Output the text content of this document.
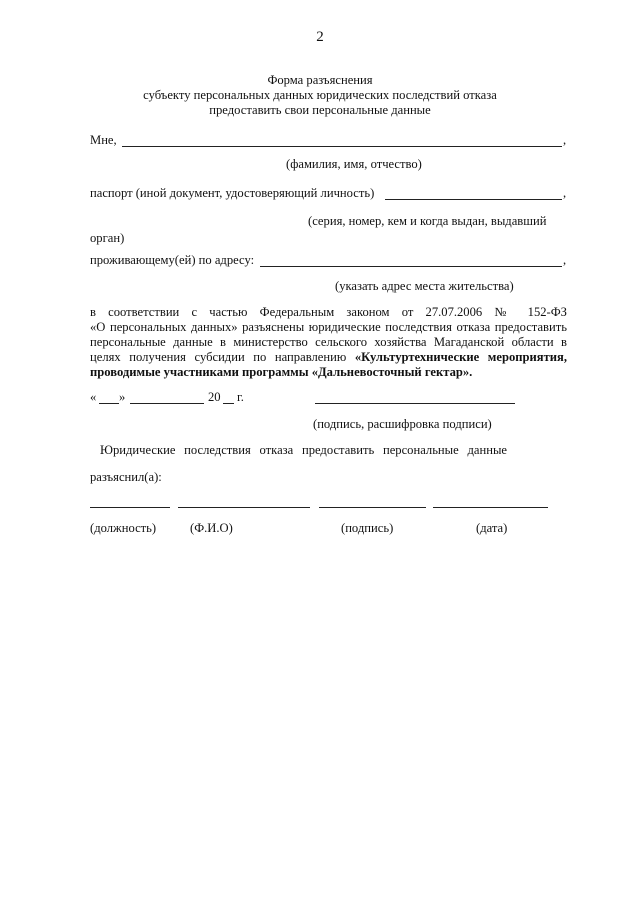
2
Форма разъяснения
субъекту персональных данных юридических последствий отказа
предоставить свои персональные данные
Мне,	,
(фамилия, имя, отчество)
паспорт (иной документ, удостоверяющий личность)	,
(серия, номер, кем и когда выдан, выдавший
орган)
проживающему(ей) по адресу:	,
(указать адрес места жительства)
в соответствии с частью Федеральным законом от 27.07.2006 № 152-ФЗ
«О персональных данных» разъяснены юридические последствия отказа предоставить
персональные данные в министерство сельского хозяйства Магаданской области в
целях получения субсидии по направлению «Культуртехнические мероприятия,
проводимые участниками программы «Дальневосточный гектар».
« »	20 г.
(подпись, расшифровка подписи)
Юридические последствия отказа предоставить персональные данные
разъяснил(а):
(должность)	(Ф.И.О)	(подпись)	(дата)
